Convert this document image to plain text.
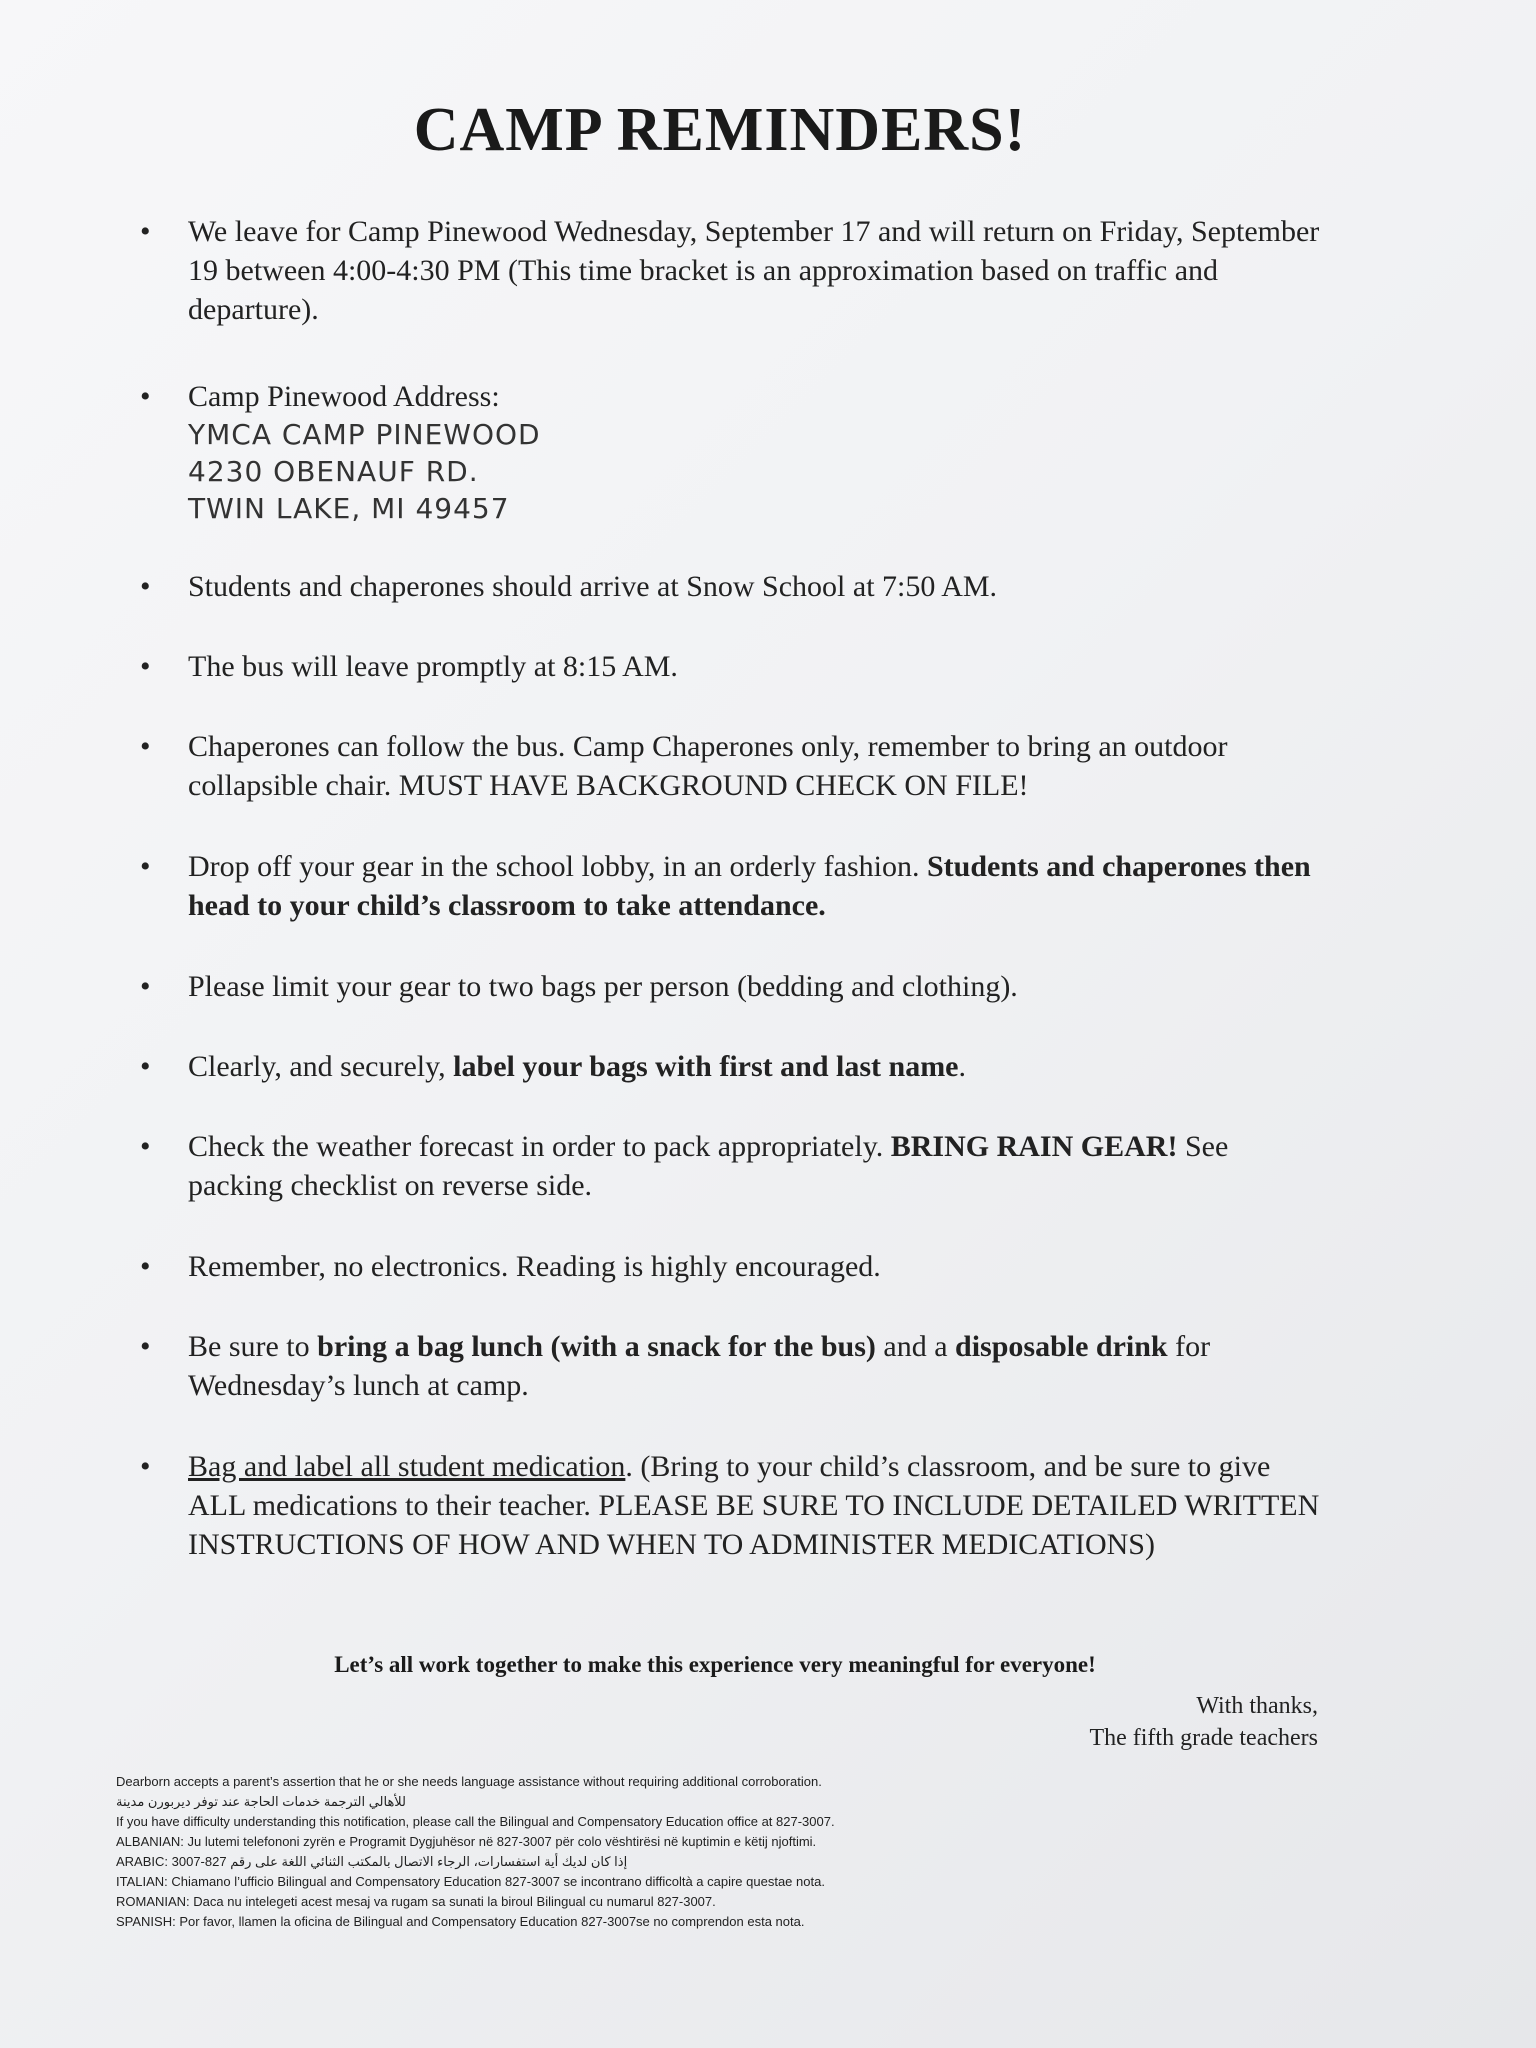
CAMP REMINDERS!
• We leave for Camp Pinewood Wednesday, September 17 and will return on Friday, September 19 between 4:00-4:30 PM (This time bracket is an approximation based on traffic and departure).
• Camp Pinewood Address:
YMCA CAMP PINEWOOD
4230 OBENAUF RD.
TWIN LAKE, MI 49457
• Students and chaperones should arrive at Snow School at 7:50 AM.
• The bus will leave promptly at 8:15 AM.
• Chaperones can follow the bus. Camp Chaperones only, remember to bring an outdoor collapsible chair. MUST HAVE BACKGROUND CHECK ON FILE!
• Drop off your gear in the school lobby, in an orderly fashion. Students and chaperones then head to your child’s classroom to take attendance.
• Please limit your gear to two bags per person (bedding and clothing).
• Clearly, and securely, label your bags with first and last name.
• Check the weather forecast in order to pack appropriately. BRING RAIN GEAR! See packing checklist on reverse side.
• Remember, no electronics. Reading is highly encouraged.
• Be sure to bring a bag lunch (with a snack for the bus) and a disposable drink for Wednesday’s lunch at camp.
• Bag and label all student medication. (Bring to your child’s classroom, and be sure to give ALL medications to their teacher. PLEASE BE SURE TO INCLUDE DETAILED WRITTEN INSTRUCTIONS OF HOW AND WHEN TO ADMINISTER MEDICATIONS)
Let’s all work together to make this experience very meaningful for everyone!
With thanks,
The fifth grade teachers
Dearborn accepts a parent’s assertion that he or she needs language assistance without requiring additional corroboration.
للأهالي الترجمة خدمات الحاجة عند توفر ديربورن مدينة
If you have difficulty understanding this notification, please call the Bilingual and Compensatory Education office at 827-3007.
ALBANIAN: Ju lutemi telefononi zyrën e Programit Dygjuhësor në 827-3007 për colo vështirësi në kuptimin e këtij njoftimi.
ARABIC: إذا كان لديك أية استفسارات، الرجاء الاتصال بالمكتب الثنائي اللغة على رقم 827-3007
ITALIAN: Chiamano l’ufficio Bilingual and Compensatory Education 827-3007 se incontrano difficoltà a capire questae nota.
ROMANIAN: Daca nu intelegeti acest mesaj va rugam sa sunati la biroul Bilingual cu numarul 827-3007.
SPANISH: Por favor, llamen la oficina de Bilingual and Compensatory Education 827-3007se no comprendon esta nota.
